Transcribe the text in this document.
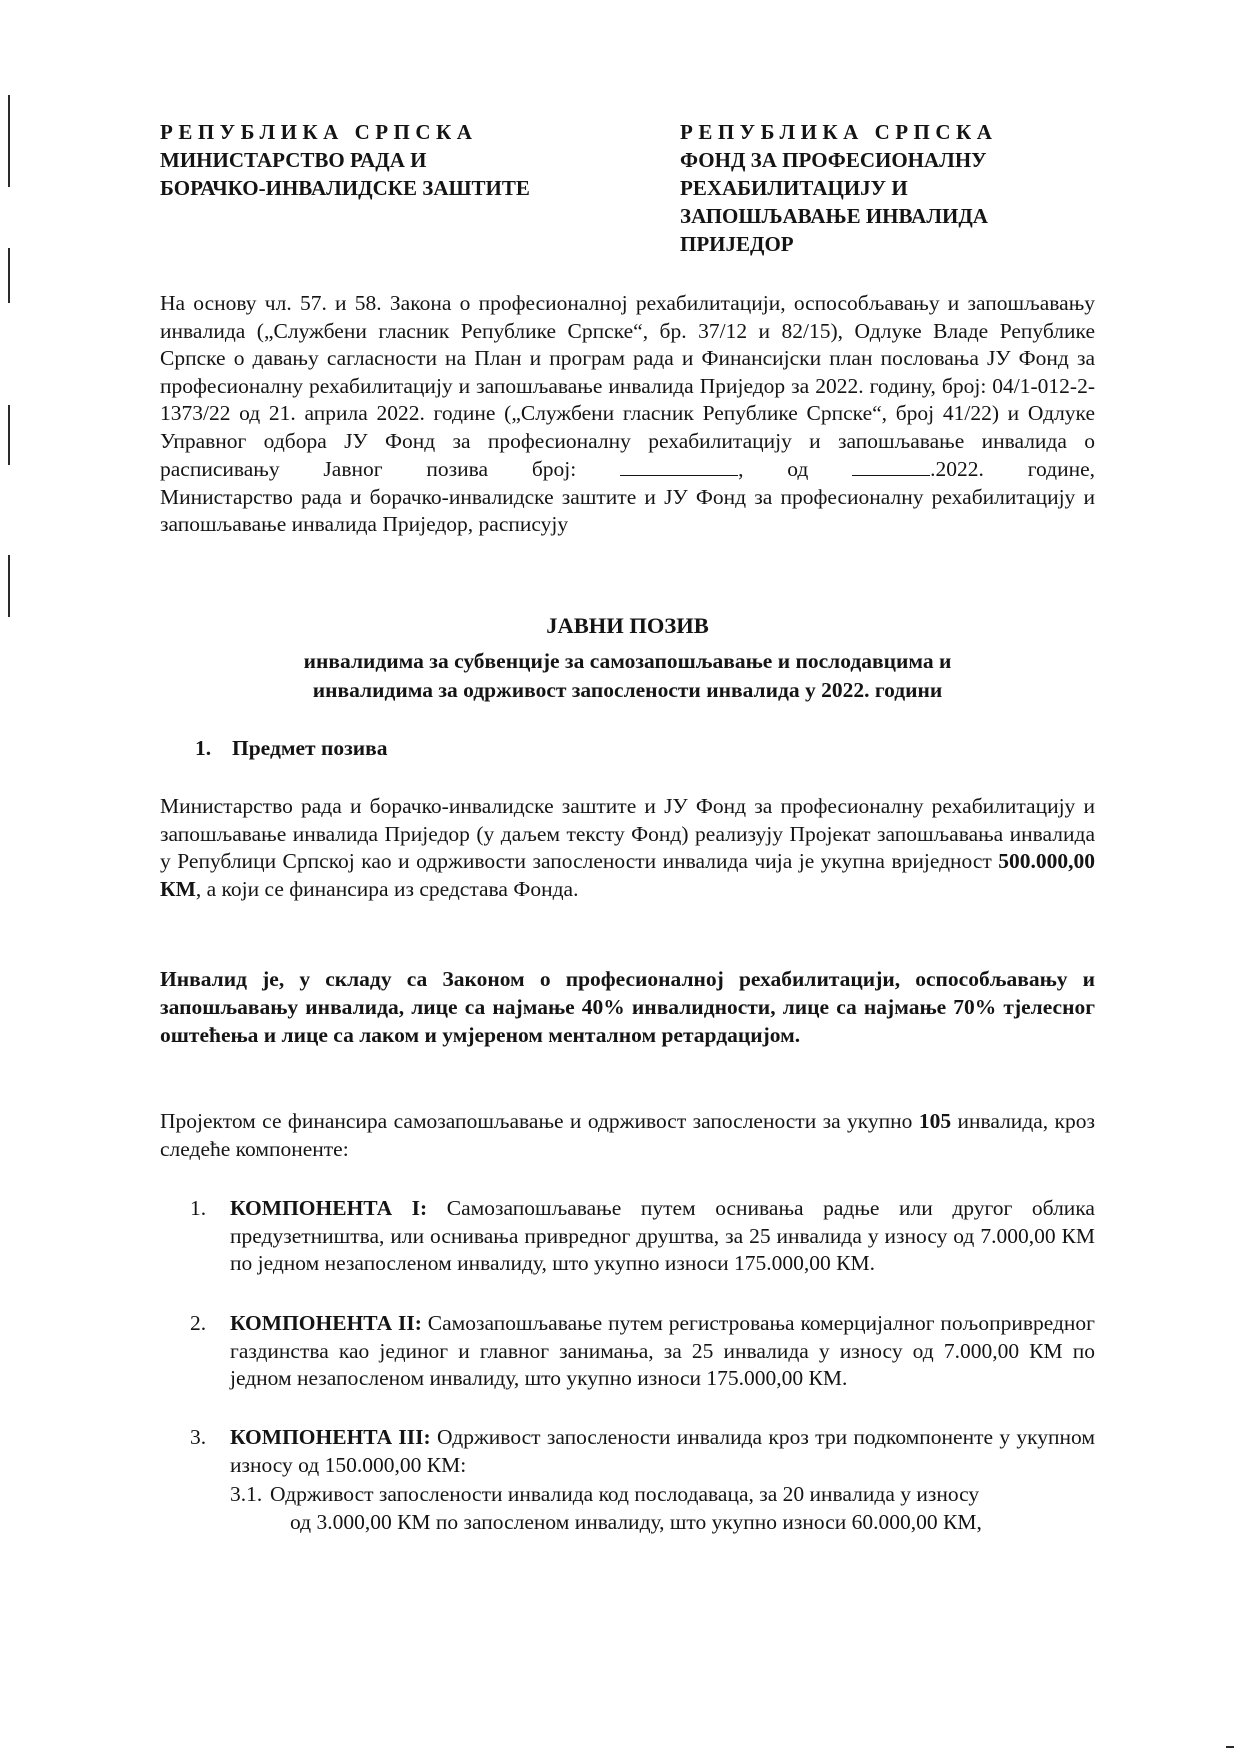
РЕПУБЛИКА СРПСКА
МИНИСТАРСТВО РАДА И
БОРАЧКО-ИНВАЛИДСКЕ ЗАШТИТЕ
РЕПУБЛИКА СРПСКА
ФОНД ЗА ПРОФЕСИОНАЛНУ
РЕХАБИЛИТАЦИЈУ И
ЗАПОШЉАВАЊЕ ИНВАЛИДА
ПРИЈЕДОР
На основу чл. 57. и 58. Закона о професионалној рехабилитацији, оспособљавању и запошљавању инвалида („Службени гласник Републике Српске“, бр. 37/12 и 82/15), Одлуке Владе Републике Српске о давању сагласности на План и програм рада и Финансијски план пословања ЈУ Фонд за професионалну рехабилитацију и запошљавање инвалида Приједор за 2022. годину, број: 04/1-012-2-1373/22 од 21. априла 2022. године („Службени гласник Републике Српске“, број 41/22) и Одлуке Управног одбора ЈУ Фонд за професионалну рехабилитацију и запошљавање инвалида о расписивању Јавног позива број:	, од	.2022. године,
Министарство рада и борачко-инвалидске заштите и ЈУ Фонд за професионалну рехабилитацију и запошљавање инвалида Приједор, расписују
ЈАВНИ ПОЗИВ
инвалидима за субвенције за самозапошљавање и послодавцима и
инвалидима за одрживост запослености инвалида у 2022. години
1. Предмет позива
Министарство рада и борачко-инвалидске заштите и ЈУ Фонд за професионалну рехабилитацију и запошљавање инвалида Приједор (у даљем тексту Фонд) реализују Пројекат запошљавања инвалида у Републици Српској као и одрживости запослености инвалида чија је укупна вриједност 500.000,00 КМ, а који се финансира из средстава Фонда.
Инвалид је, у складу са Законом о професионалној рехабилитацији, оспособљавању и запошљавању инвалида, лице са најмање 40% инвалидности, лице са најмање 70% тјелесног оштећења и лице са лаком и умјереном менталном ретардацијом.
Пројектом се финансира самозапошљавање и одрживост запослености за укупно 105 инвалида, кроз следеће компоненте:
1. КОМПОНЕНТА I: Самозапошљавање путем оснивања радње или другог облика предузетништва, или оснивања привредног друштва, за 25 инвалида у износу од 7.000,00 КМ по једном незапосленом инвалиду, што укупно износи 175.000,00 КМ.
2. КОМПОНЕНТА II: Самозапошљавање путем регистровања комерцијалног пољопривредног газдинства као јединог и главног занимања, за 25 инвалида у износу од 7.000,00 КМ по једном незапосленом инвалиду, што укупно износи 175.000,00 КМ.
3. КОМПОНЕНТА III: Одрживост запослености инвалида кроз три подкомпоненте у укупном износу од 150.000,00 КМ:
3.1. Одрживост запослености инвалида код послодаваца, за 20 инвалида у износу
од 3.000,00 КМ по запосленом инвалиду, што укупно износи 60.000,00 КМ,
